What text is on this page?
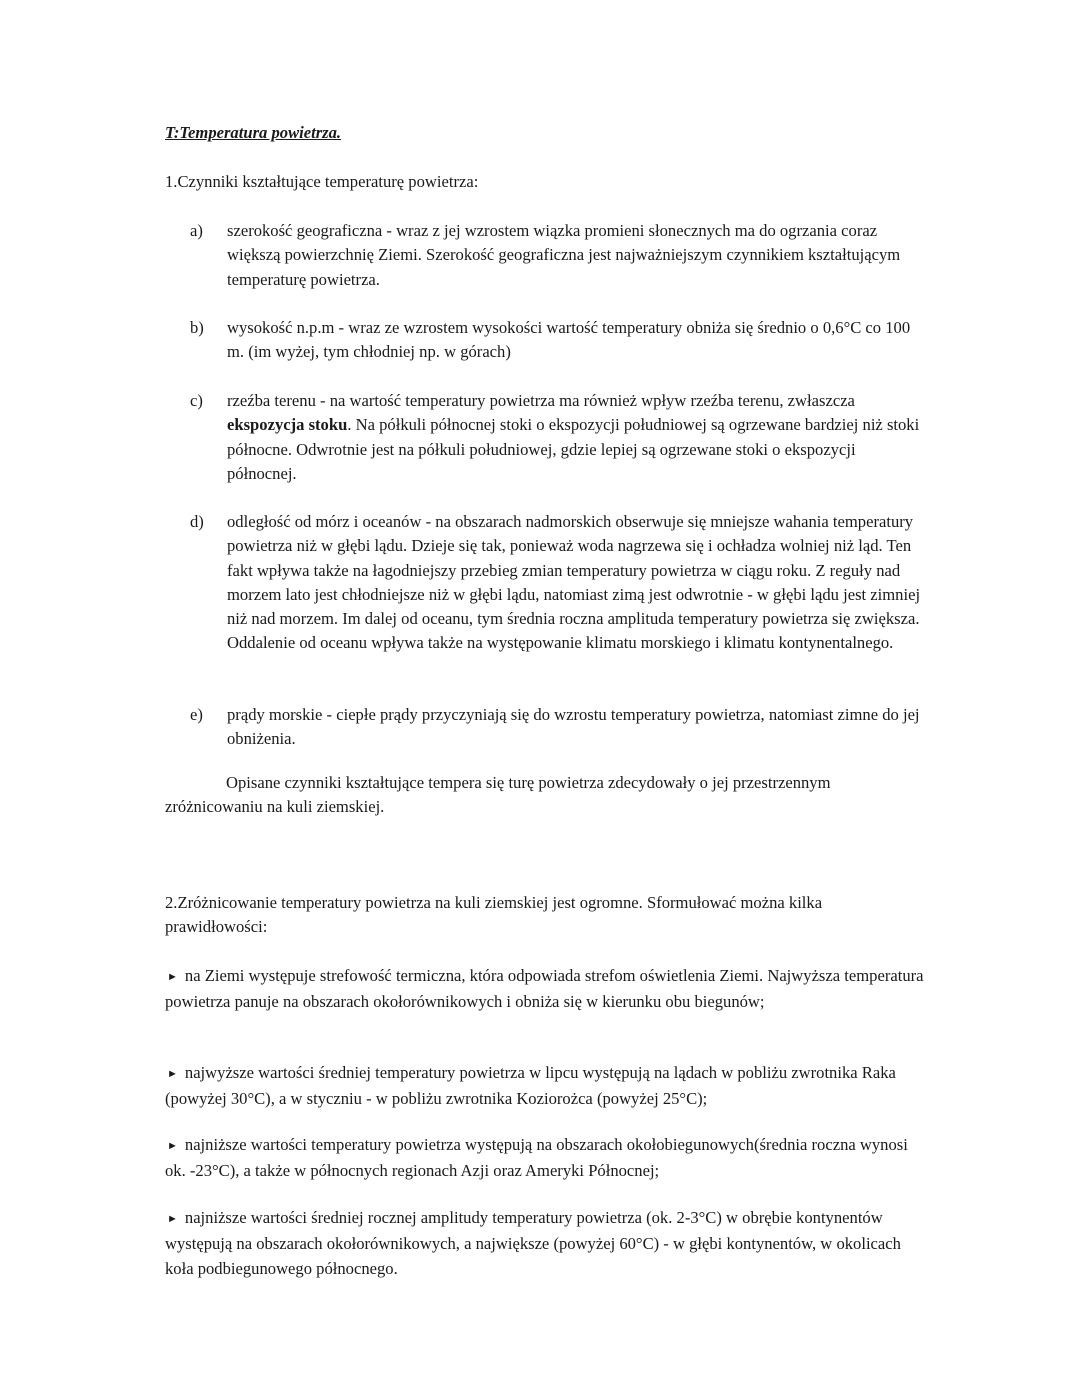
T:Temperatura powietrza.

1.Czynniki kształtujące temperaturę powietrza:

a) szerokość geograficzna - wraz z jej wzrostem wiązka promieni słonecznych ma do ogrzania coraz większą powierzchnię Ziemi. Szerokość geograficzna jest najważniejszym czynnikiem kształtującym temperaturę powietrza.
b) wysokość n.p.m - wraz ze wzrostem wysokości wartość temperatury obniża się średnio o 0,6°C co 100 m. (im wyżej, tym chłodniej np. w górach)
c) rzeźba terenu - na wartość temperatury powietrza ma również wpływ rzeźba terenu, zwłaszcza ekspozycja stoku. Na półkuli północnej stoki o ekspozycji południowej są ogrzewane bardziej niż stoki północne. Odwrotnie jest na półkuli południowej, gdzie lepiej są ogrzewane stoki o ekspozycji północnej.
d) odległość od mórz i oceanów - na obszarach nadmorskich obserwuje się mniejsze wahania temperatury powietrza niż w głębi lądu. Dzieje się tak, ponieważ woda nagrzewa się i ochładza wolniej niż ląd. Ten fakt wpływa także na łagodniejszy przebieg zmian temperatury powietrza w ciągu roku. Z reguły nad morzem lato jest chłodniejsze niż w głębi lądu, natomiast zimą jest odwrotnie - w głębi lądu jest zimniej niż nad morzem. Im dalej od oceanu, tym średnia roczna amplituda temperatury powietrza się zwiększa. Oddalenie od oceanu wpływa także na występowanie klimatu morskiego i klimatu kontynentalnego.
e) prądy morskie - ciepłe prądy przyczyniają się do wzrostu temperatury powietrza, natomiast zimne do jej obniżenia.

Opisane czynniki kształtujące tempera się turę powietrza zdecydowały o jej przestrzennym zróżnicowaniu na kuli ziemskiej.

2.Zróżnicowanie temperatury powietrza na kuli ziemskiej jest ogromne. Sformułować można kilka prawidłowości:

► na Ziemi występuje strefowość termiczna, która odpowiada strefom oświetlenia Ziemi. Najwyższa temperatura powietrza panuje na obszarach okołorównikowych i obniża się w kierunku obu biegunów;

► najwyższe wartości średniej temperatury powietrza w lipcu występują na lądach w pobliżu zwrotnika Raka (powyżej 30°C), a w styczniu - w pobliżu zwrotnika Koziorożca (powyżej 25°C);

► najniższe wartości temperatury powietrza występują na obszarach okołobiegunowych(średnia roczna wynosi ok. -23°C), a także w północnych regionach Azji oraz Ameryki Północnej;

► najniższe wartości średniej rocznej amplitudy temperatury powietrza (ok. 2-3°C) w obrębie kontynentów występują na obszarach okołorównikowych, a największe (powyżej 60°C) - w głębi kontynentów, w okolicach koła podbiegunowego północnego.
